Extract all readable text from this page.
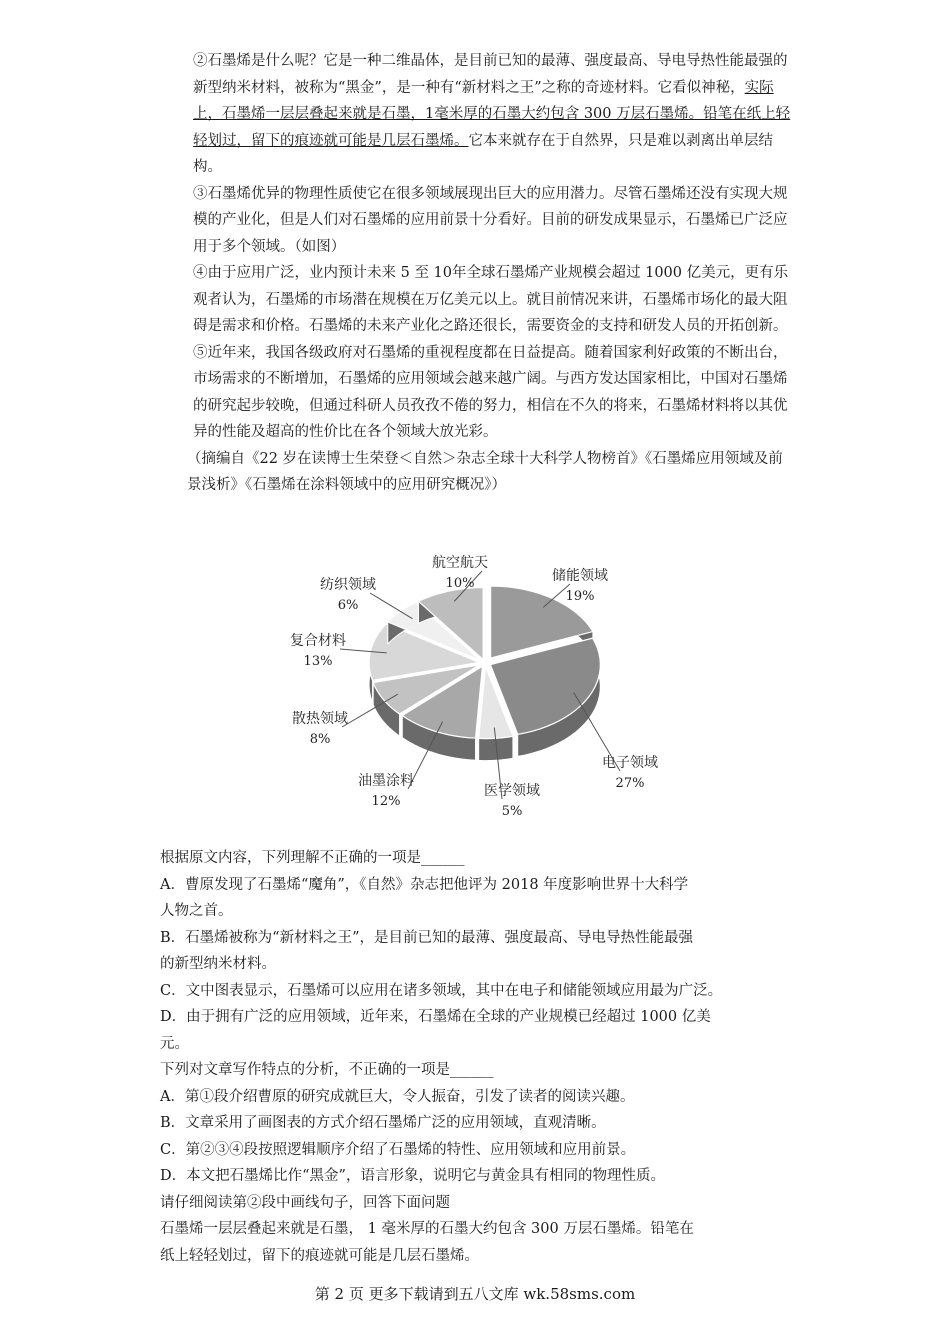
②石墨烯是什么呢？它是一种二维晶体，是目前已知的最薄、强度最高、导电导热性能最强的新型纳米材料，被称为“黑金”，是一种有“新材料之王”之称的奇迹材料。它看似神秘，实际上，石墨烯一层层叠起来就是石墨，1毫米厚的石墨大约包含 300 万层石墨烯。铅笔在纸上轻轻划过，留下的痕迹就可能是几层石墨烯。它本来就存在于自然界，只是难以剥离出单层结构。

③石墨烯优异的物理性质使它在很多领域展现出巨大的应用潜力。尽管石墨烯还没有实现大规模的产业化，但是人们对石墨烯的应用前景十分看好。目前的研发成果显示，石墨烯已广泛应用于多个领域。（如图）

④由于应用广泛，业内预计未来 5 至 10年全球石墨烯产业规模会超过 1000 亿美元，更有乐观者认为，石墨烯的市场潜在规模在万亿美元以上。就目前情况来讲，石墨烯市场化的最大阻碍是需求和价格。石墨烯的未来产业化之路还很长，需要资金的支持和研发人员的开拓创新。

⑤近年来，我国各级政府对石墨烯的重视程度都在日益提高。随着国家利好政策的不断出台，市场需求的不断增加，石墨烯的应用领域会越来越广阔。与西方发达国家相比，中国对石墨烯的研究起步较晚，但通过科研人员孜孜不倦的努力，相信在不久的将来，石墨烯材料将以其优异的性能及超高的性价比在各个领域大放光彩。

（摘编自《22 岁在读博士生荣登＜自然＞杂志全球十大科学人物榜首》《石墨烯应用领域及前景浅析》《石墨烯在涂料领域中的应用研究概况》）

储能领域
19%
电子领域
27%
医学领域
5%
油墨涂料
12%
散热领域
8%
复合材料
13%
纺织领域
6%
航空航天
10%

根据原文内容，下列理解不正确的一项是______

A．曹原发现了石墨烯“魔角”，《自然》杂志把他评为 2018 年度影响世界十大科学

人物之首。

B．石墨烯被称为“新材料之王”，是目前已知的最薄、强度最高、导电导热性能最强

的新型纳米材料。

C．文中图表显示，石墨烯可以应用在诸多领域，其中在电子和储能领域应用最为广泛。

D．由于拥有广泛的应用领域，近年来，石墨烯在全球的产业规模已经超过 1000 亿美

元。

下列对文章写作特点的分析，不正确的一项是______

A．第①段介绍曹原的研究成就巨大，令人振奋，引发了读者的阅读兴趣。

B．文章采用了画图表的方式介绍石墨烯广泛的应用领域，直观清晰。

C．第②③④段按照逻辑顺序介绍了石墨烯的特性、应用领域和应用前景。

D．本文把石墨烯比作“黑金”，语言形象，说明它与黄金具有相同的物理性质。

请仔细阅读第②段中画线句子，回答下面问题

石墨烯一层层叠起来就是石墨， 1 毫米厚的石墨大约包含 300 万层石墨烯。铅笔在

纸上轻轻划过，留下的痕迹就可能是几层石墨烯。

第 2 页 更多下载请到五八文库 wk.58sms.com
